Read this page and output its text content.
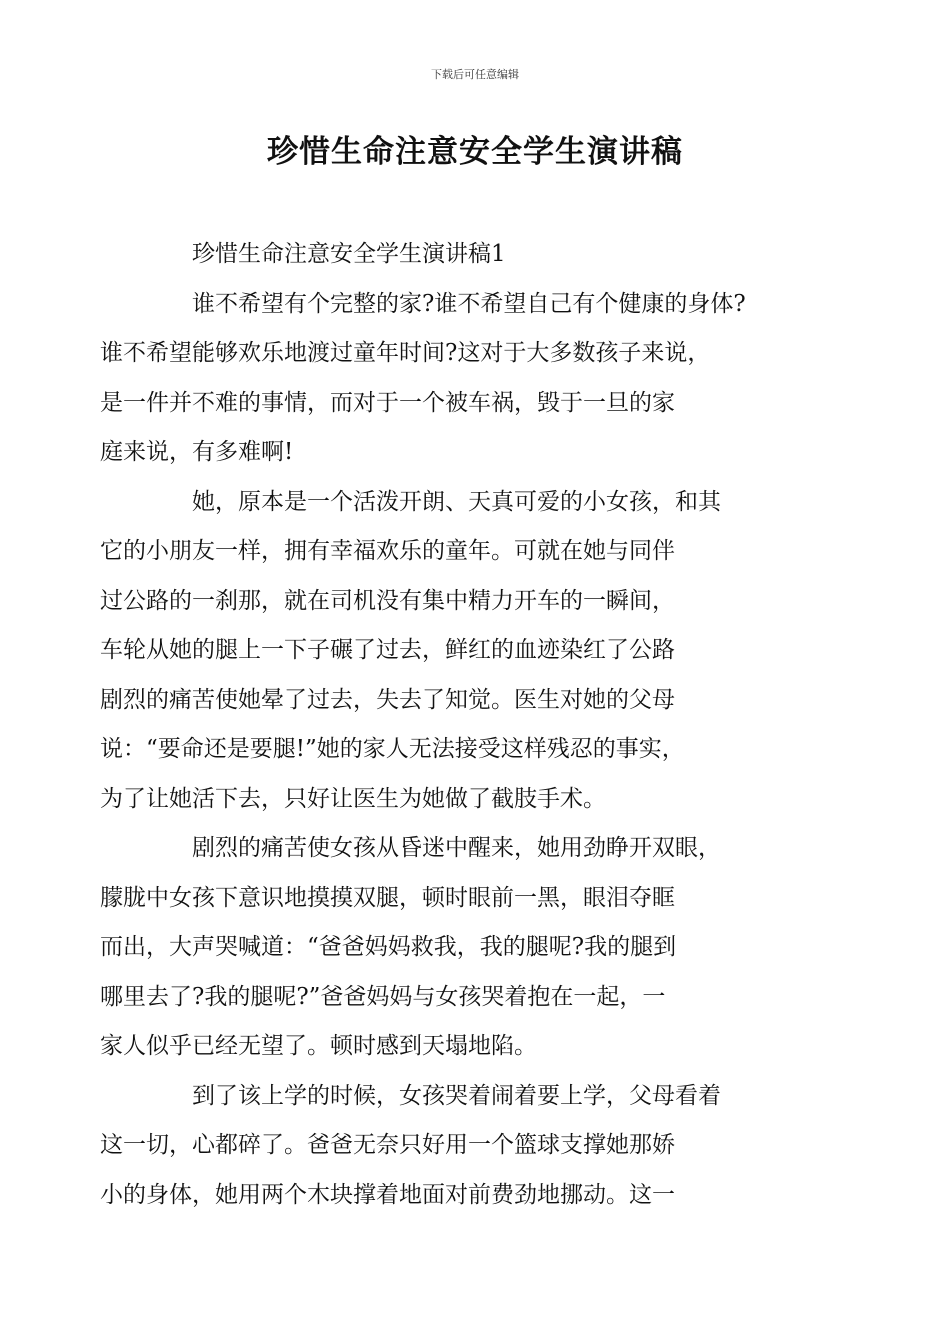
下载后可任意编辑
珍惜生命注意安全学生演讲稿

珍惜生命注意安全学生演讲稿1

谁不希望有个完整的家?谁不希望自己有个健康的身体?
谁不希望能够欢乐地渡过童年时间?这对于大多数孩子来说，
是一件并不难的事情，而对于一个被车祸，毁于一旦的家
庭来说，有多难啊!

她，原本是一个活泼开朗、天真可爱的小女孩，和其
它的小朋友一样，拥有幸福欢乐的童年。可就在她与同伴
过公路的一刹那，就在司机没有集中精力开车的一瞬间，
车轮从她的腿上一下子碾了过去，鲜红的血迹染红了公路
剧烈的痛苦使她晕了过去，失去了知觉。医生对她的父母
说：“要命还是要腿!”她的家人无法接受这样残忍的事实，
为了让她活下去，只好让医生为她做了截肢手术。

剧烈的痛苦使女孩从昏迷中醒来，她用劲睁开双眼，
朦胧中女孩下意识地摸摸双腿，顿时眼前一黑，眼泪夺眶
而出，大声哭喊道：“爸爸妈妈救我，我的腿呢?我的腿到
哪里去了?我的腿呢?”爸爸妈妈与女孩哭着抱在一起，一
家人似乎已经无望了。顿时感到天塌地陷。

到了该上学的时候，女孩哭着闹着要上学，父母看着
这一切，心都碎了。爸爸无奈只好用一个篮球支撑她那娇
小的身体，她用两个木块撑着地面对前费劲地挪动。这一
